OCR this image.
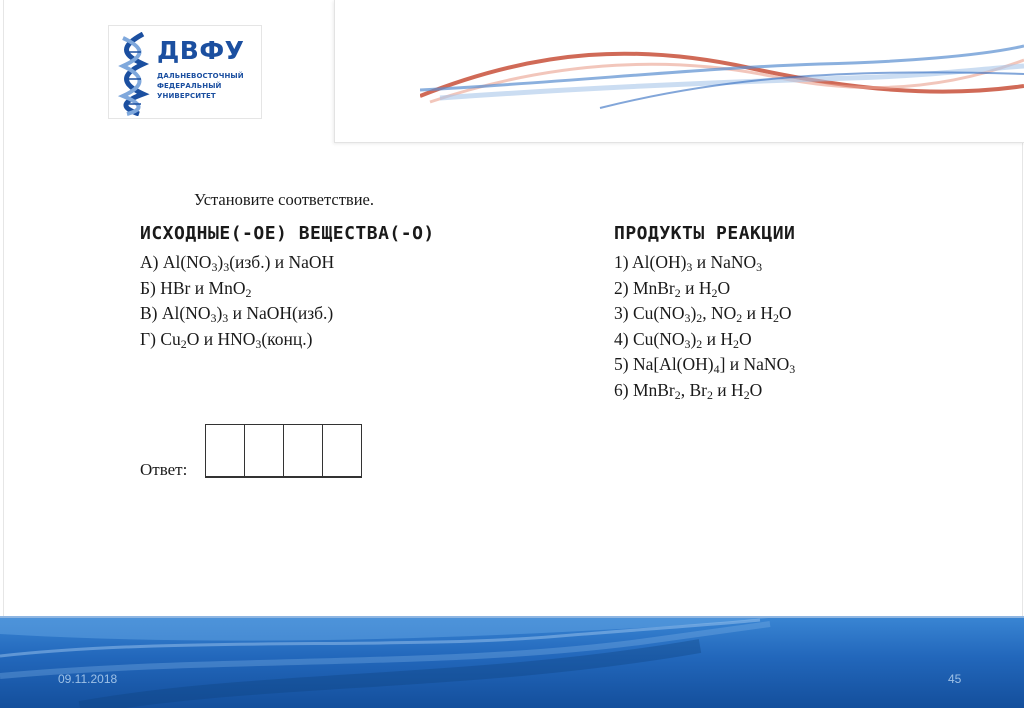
ДВФУ
ДАЛЬНЕВОСТОЧНЫЙ
ФЕДЕРАЛЬНЫЙ
УНИВЕРСИТЕТ
Установите соответствие.
ИСХОДНЫЕ(-ОЕ) ВЕЩЕСТВА(-О)	ПРОДУКТЫ РЕАКЦИИ
А) $Al(NO_3)_3(изб.)$ и NaOH
Б) HBr и MnO$_2$
В) $Al(NO_3)_3$ и NaOH(изб.)
Г) $Cu_2O$ и $HNO_3(конц.)$
1) $Al(OH)_3$ и NaNO$_3$
2) MnBr$_2$ и $H_2O$
3) $Cu(NO_3)_2$, $NO_2$ и $H_2O$
4) $Cu(NO_3)_2$ и $H_2O$
5) $Na[Al(OH)_4]$ и NaNO$_3$
6) MnBr$_2$, $Br_2$ и $H_2O$
Ответ:
09.11.2018	45
